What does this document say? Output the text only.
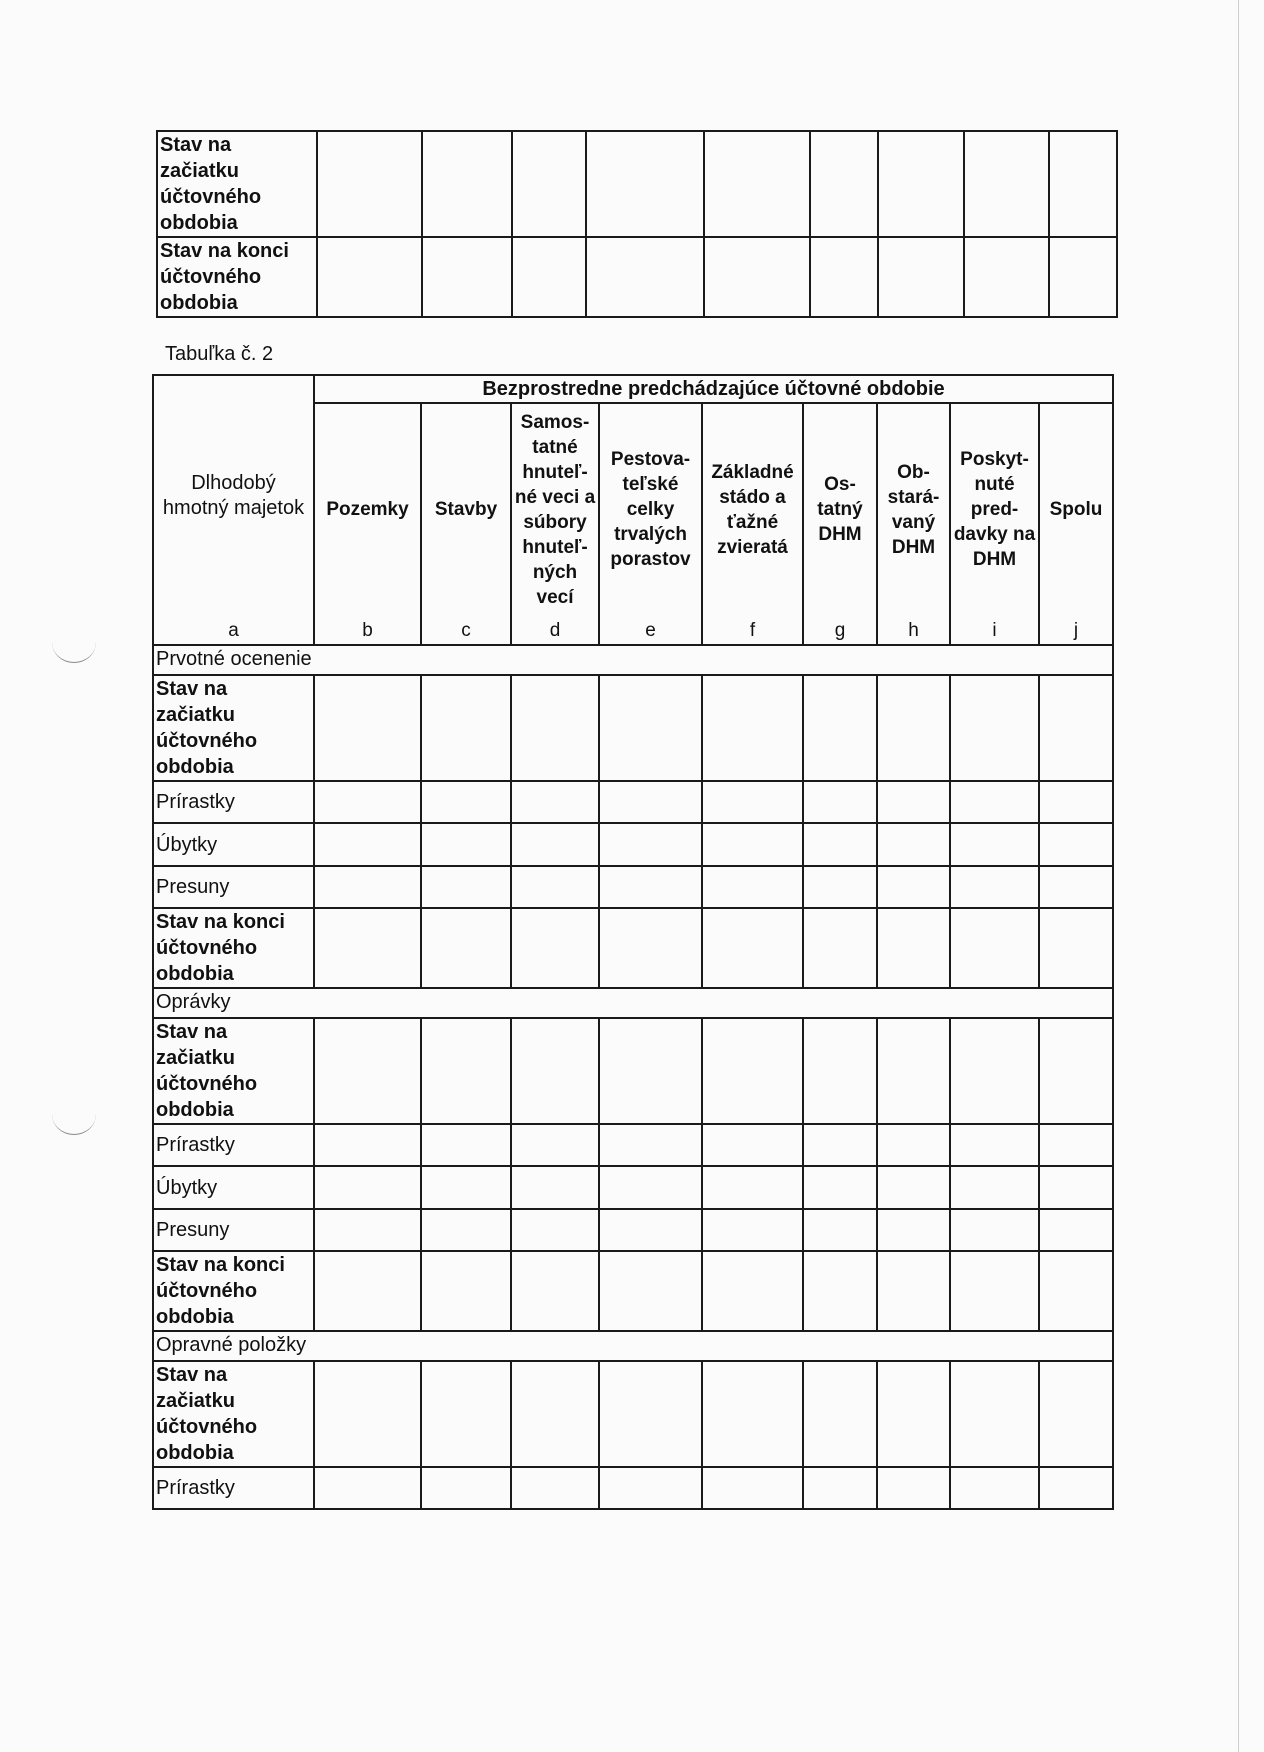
Stav na začiatku účtovného obdobia									
Stav na konci účtovného obdobia									
Tabuľka č. 2
Dlhodobý hmotný majetok	Bezprostredne predchádzajúce účtovné obdobie								
	Pozemky	Stavby	Samos-tatné hnuteľ-né veci a súbory hnuteľ-ných vecí	Pestova-teľské celky trvalých porastov	Základné stádo a ťažné zvieratá	Os-tatný DHM	Ob-stará-vaný DHM	Poskyt-nuté pred-davky na DHM	Spolu
a	b	c	d	e	f	g	h	i	j
Prvotné ocenenie									
Stav na začiatku účtovného obdobia									
Prírastky									
Úbytky									
Presuny									
Stav na konci účtovného obdobia									
Oprávky									
Stav na začiatku účtovného obdobia									
Prírastky									
Úbytky									
Presuny									
Stav na konci účtovného obdobia									
Opravné položky									
Stav na začiatku účtovného obdobia									
Prírastky									
